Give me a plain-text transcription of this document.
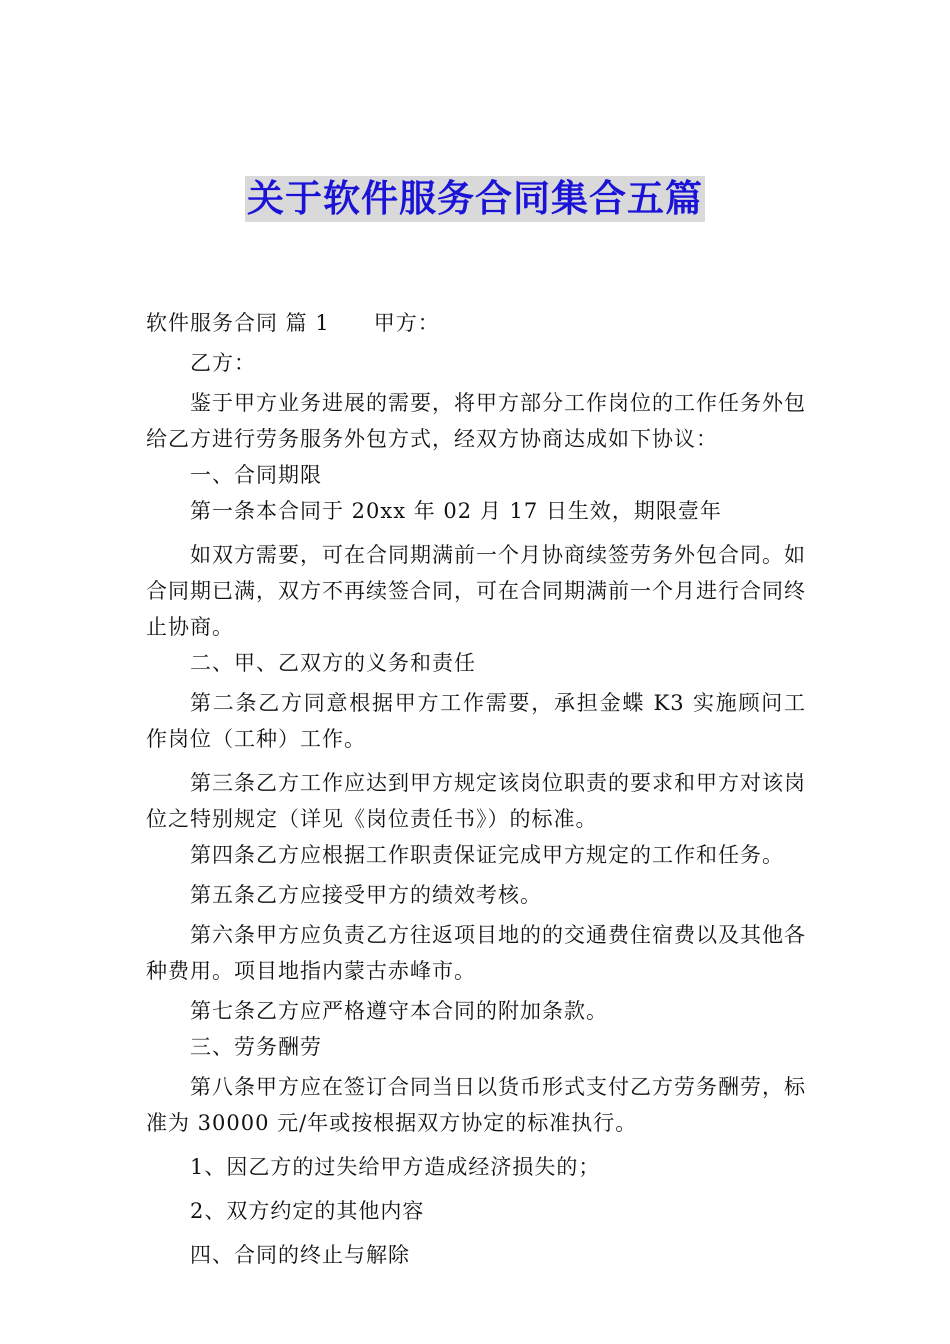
关于软件服务合同集合五篇

软件服务合同 篇 1 甲方：

乙方：

鉴于甲方业务进展的需要，将甲方部分工作岗位的工作任务外包给乙方进行劳务服务外包方式，经双方协商达成如下协议：

一、合同期限

第一条本合同于 20xx 年 02 月 17 日生效，期限壹年

如双方需要，可在合同期满前一个月协商续签劳务外包合同。如合同期已满，双方不再续签合同，可在合同期满前一个月进行合同终止协商。

二、甲、乙双方的义务和责任

第二条乙方同意根据甲方工作需要，承担金蝶 K3 实施顾问工作岗位（工种）工作。

第三条乙方工作应达到甲方规定该岗位职责的要求和甲方对该岗位之特别规定（详见《岗位责任书》）的标准。

第四条乙方应根据工作职责保证完成甲方规定的工作和任务。

第五条乙方应接受甲方的绩效考核。

第六条甲方应负责乙方往返项目地的的交通费住宿费以及其他各种费用。项目地指内蒙古赤峰市。

第七条乙方应严格遵守本合同的附加条款。

三、劳务酬劳

第八条甲方应在签订合同当日以货币形式支付乙方劳务酬劳，标准为 30000 元/年或按根据双方协定的标准执行。

1、因乙方的过失给甲方造成经济损失的；

2、双方约定的其他内容

四、合同的终止与解除
